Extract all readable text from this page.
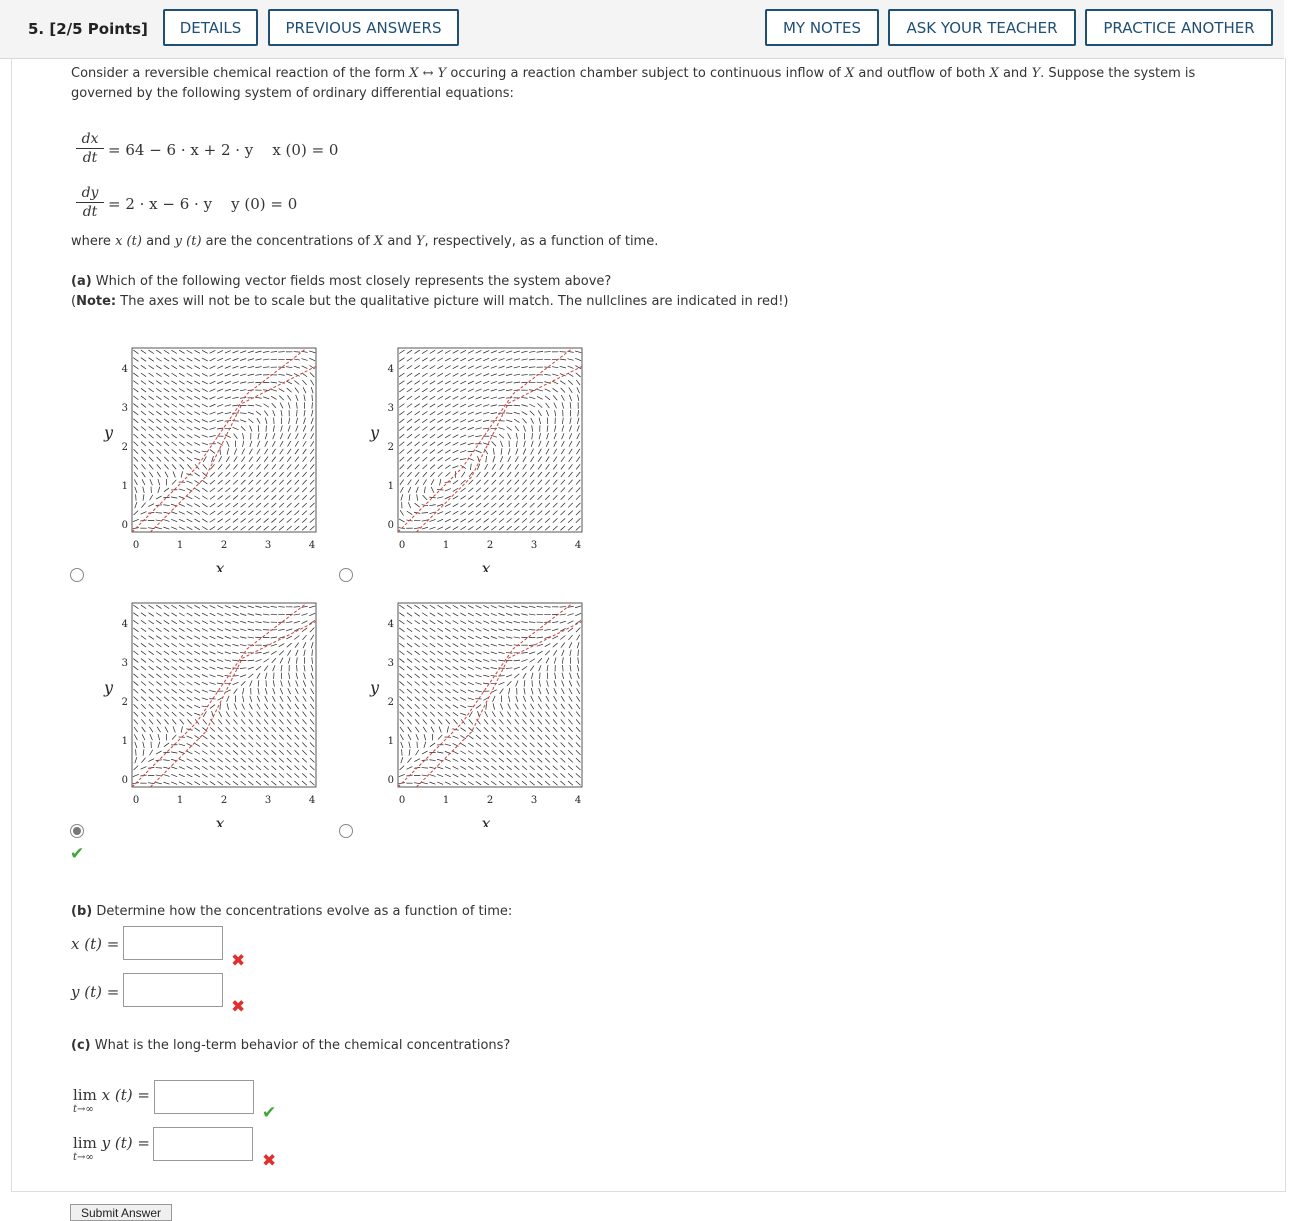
5. [2/5 Points]	DETAILS	PREVIOUS ANSWERS	MY NOTES	ASK YOUR TEACHER	PRACTICE ANOTHER
Consider a reversible chemical reaction of the form X ↔ Y occuring a reaction chamber subject to continuous inflow of X and outflow of both X and Y. Suppose the system is
governed by the following system of ordinary differential equations:
dx
dt = 64 − 6 · x + 2 · y    x (0) = 0
dy
dt = 2 · x − 6 · y    y (0) = 0
where x (t) and y (t) are the concentrations of X and Y, respectively, as a function of time.
(a) Which of the following vector fields most closely represents the system above?
(Note: The axes will not be to scale but the qualitative picture will match. The nullclines are indicated in red!)
0
0
1
1
2
2
3
3
4
4
x
y
0
0
1
1
2
2
3
3
4
4
x
y
0
0
1
1
2
2
3
3
4
4
x
y
0
0
1
1
2
2
3
3
4
4
x
y
✔
(b) Determine how the concentrations evolve as a function of time:
x (t) =
✖
y (t) =
✖
(c) What is the long-term behavior of the chemical concentrations?
lim x (t) =
t→∞	✔
lim y (t) =
t→∞	✖
Submit Answer
